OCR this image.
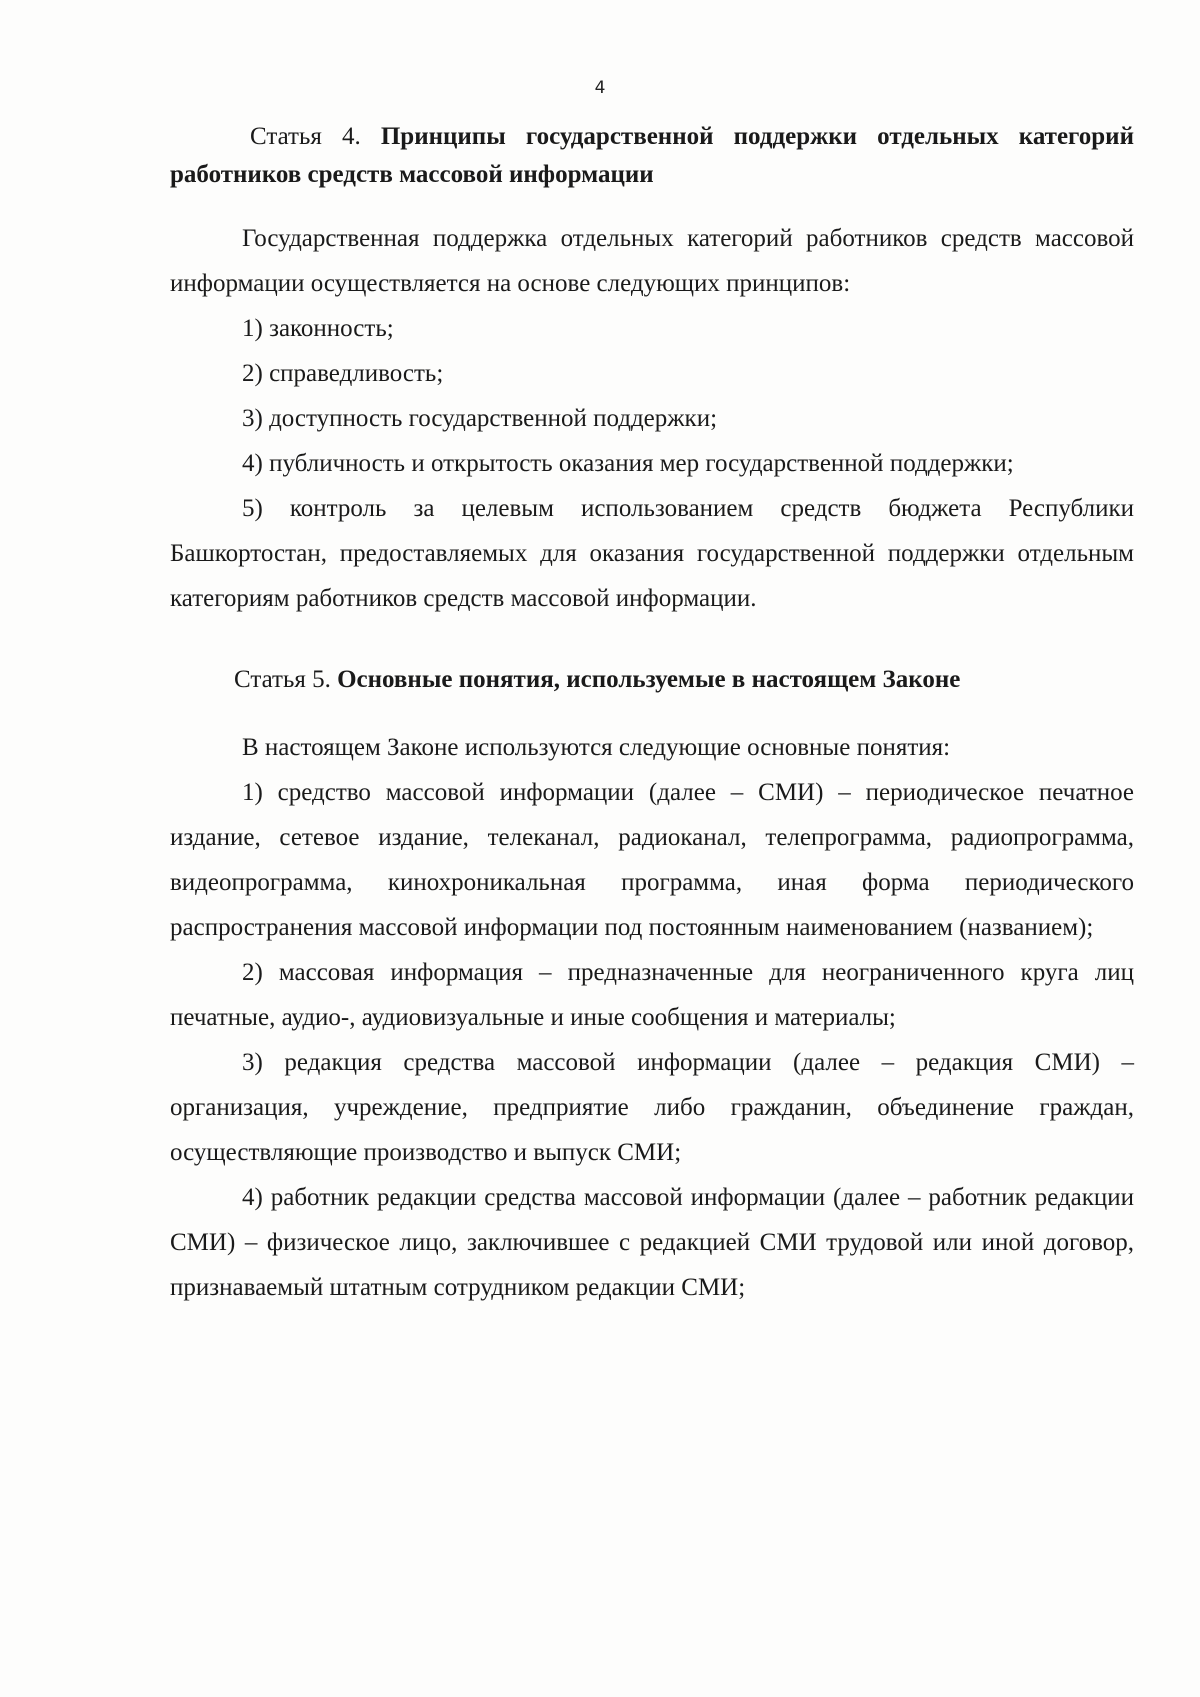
4

Статья 4. Принципы государственной поддержки отдельных категорий работников средств массовой информации

Государственная поддержка отдельных категорий работников средств массовой информации осуществляется на основе следующих принципов:

1) законность;

2) справедливость;

3) доступность государственной поддержки;

4) публичность и открытость оказания мер государственной поддержки;

5) контроль за целевым использованием средств бюджета Республики Башкортостан, предоставляемых для оказания государственной поддержки отдельным категориям работников средств массовой информации.

Статья 5. Основные понятия, используемые в настоящем Законе

В настоящем Законе используются следующие основные понятия:

1) средство массовой информации (далее – СМИ) – периодическое печатное издание, сетевое издание, телеканал, радиоканал, телепрограмма, радиопрограмма, видеопрограмма, кинохроникальная программа, иная форма периодического распространения массовой информации под постоянным наименованием (названием);

2) массовая информация – предназначенные для неограниченного круга лиц печатные, аудио-, аудиовизуальные и иные сообщения и материалы;

3) редакция средства массовой информации (далее – редакция СМИ) – организация, учреждение, предприятие либо гражданин, объединение граждан, осуществляющие производство и выпуск СМИ;

4) работник редакции средства массовой информации (далее – работник редакции СМИ) – физическое лицо, заключившее с редакцией СМИ трудовой или иной договор, признаваемый штатным сотрудником редакции СМИ;
